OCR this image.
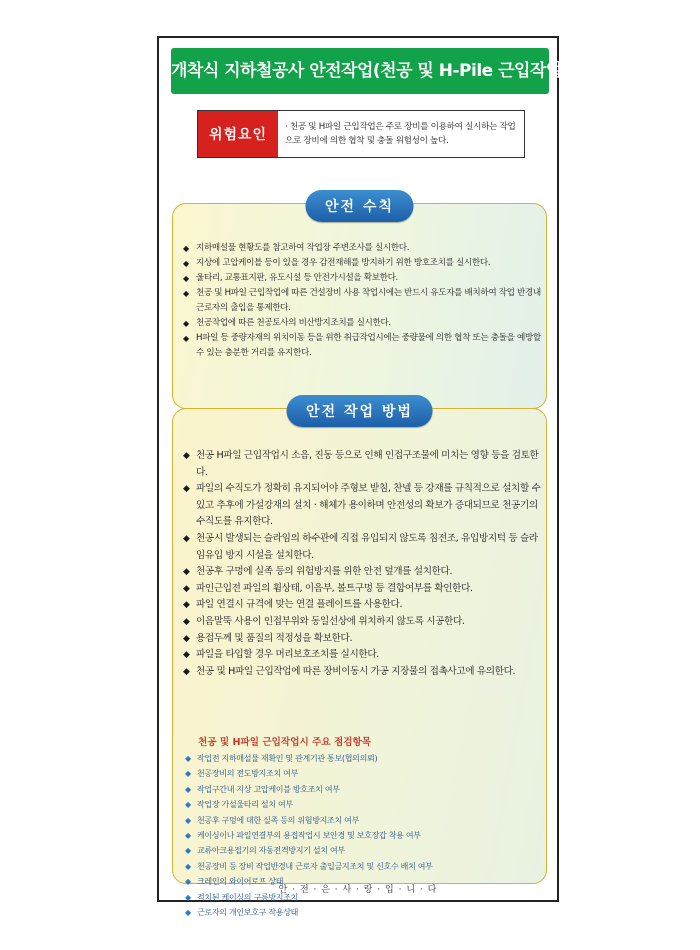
개착식 지하철공사 안전작업(천공 및 H-Pile 근입작업)
위험요인	· 천공 및 H파일 근입작업은 주로 장비를 이용하여 실시하는 작업으로 장비에 의한 협착 및 충돌 위험성이 높다.
안전 수칙
◆ 지하매설물 현황도를 참고하여 작업장 주변조사를 실시한다.
◆ 지상에 고압케이블 등이 있을 경우 감전재해를 방지하기 위한 방호조치를 실시한다.
◆ 울타리, 교통표지판, 유도시설 등 안전가시설을 확보한다.
◆ 천공 및 H파일 근입작업에 따른 건설장비 사용 작업시에는 반드시 유도자를 배치하여 작업 반경내 근로자의 출입을 통제한다.
◆ 천공작업에 따른 천공토사의 비산방지조치를 실시한다.
◆ H파일 등 중량자재의 위치이동 등을 위한 취급작업시에는 중량물에 의한 협착 또는 충돌을 예방할 수 있는 충분한 거리를 유지한다.
안전 작업 방법
◆ 천공 H파일 근입작업시 소음, 진동 등으로 인해 인접구조물에 미치는 영향 등을 검토한다.
◆ 파일의 수직도가 정확히 유지되어야 주형보 받침, 찬넬 등 강재를 규칙적으로 설치할 수 있고 추후에 가설강재의 설치 · 해체가 용이하며 안전성의 확보가 증대되므로 천공기의 수직도를 유지한다.
◆ 천공시 발생되는 슬라임의 하수관에 직접 유입되지 않도록 침전조, 유입방지턱 등 슬라임유입 방지 시설을 설치한다.
◆ 천공후 구멍에 실족 등의 위험방지를 위한 안전 덮개를 설치한다.
◆ 파인근입전 파일의 휨상태, 이음부, 볼트구멍 등 결함여부를 확인한다.
◆ 파일 연결시 규격에 맞는 연결 플레이트를 사용한다.
◆ 이음말뚝 사용이 인접부위와 동일선상에 위치하지 않도록 시공한다.
◆ 용접두께 및 품질의 적정성을 확보한다.
◆ 파일을 타입할 경우 머리보호조치를 실시한다.
◆ 천공 및 H파일 근입작업에 따른 장비이동시 가공 지장물의 접촉사고에 유의한다.
천공 및 H파일 근입작업시 주요 점검항목
◆ 작업전 지하매설물 재확인 및 관계기관 통보(협의의뢰)
◆ 천공장비의 전도방지조치 여부
◆ 작업구간내 지상 고압케이블 방호조치 여부
◆ 작업장 가설울타리 설치 여부
◆ 천공후 구멍에 대한 실족 등의 위험방지조치 여부
◆ 케이싱이나 파일연결부의 용접작업시 보안경 및 보호장갑 착용 여부
◆ 교류아크용접기의 자동전격방지기 설치 여부
◆ 천공장비 등 장비 작업반경내 근로자 출입금지조치 및 신호수 배치 여부
◆ 크레인의 와이어로프 상태
◆ 적치된 케이싱의 구름방지조치
◆ 근로자의 개인보호구 작용상태
안 · 전 · 은 · 사 · 랑 · 입 · 니 · 다
